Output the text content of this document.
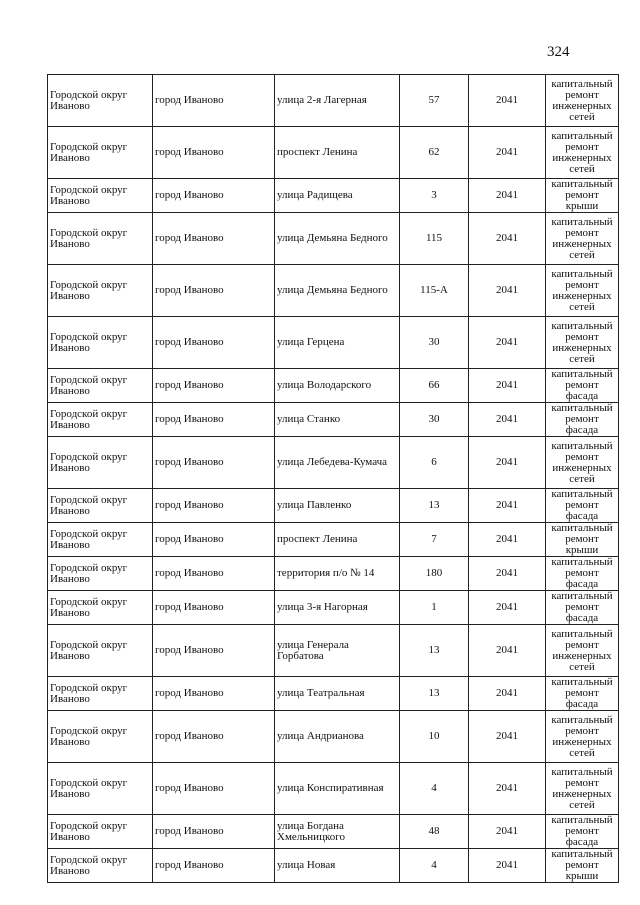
324
Городской округ Иваново	город Иваново	улица 2-я Лагерная	57	2041	капитальный ремонт инженерных сетей
Городской округ Иваново	город Иваново	проспект Ленина	62	2041	капитальный ремонт инженерных сетей
Городской округ Иваново	город Иваново	улица Радищева	3	2041	капитальный ремонт крыши
Городской округ Иваново	город Иваново	улица Демьяна Бедного	115	2041	капитальный ремонт инженерных сетей
Городской округ Иваново	город Иваново	улица Демьяна Бедного	115-А	2041	капитальный ремонт инженерных сетей
Городской округ Иваново	город Иваново	улица Герцена	30	2041	капитальный ремонт инженерных сетей
Городской округ Иваново	город Иваново	улица Володарского	66	2041	капитальный ремонт фасада
Городской округ Иваново	город Иваново	улица Станко	30	2041	капитальный ремонт фасада
Городской округ Иваново	город Иваново	улица Лебедева-Кумача	6	2041	капитальный ремонт инженерных сетей
Городской округ Иваново	город Иваново	улица Павленко	13	2041	капитальный ремонт фасада
Городской округ Иваново	город Иваново	проспект Ленина	7	2041	капитальный ремонт крыши
Городской округ Иваново	город Иваново	территория п/о № 14	180	2041	капитальный ремонт фасада
Городской округ Иваново	город Иваново	улица 3-я Нагорная	1	2041	капитальный ремонт фасада
Городской округ Иваново	город Иваново	улица Генерала Горбатова	13	2041	капитальный ремонт инженерных сетей
Городской округ Иваново	город Иваново	улица Театральная	13	2041	капитальный ремонт фасада
Городской округ Иваново	город Иваново	улица Андрианова	10	2041	капитальный ремонт инженерных сетей
Городской округ Иваново	город Иваново	улица Конспиративная	4	2041	капитальный ремонт инженерных сетей
Городской округ Иваново	город Иваново	улица Богдана Хмельницкого	48	2041	капитальный ремонт фасада
Городской округ Иваново	город Иваново	улица Новая	4	2041	капитальный ремонт крыши
